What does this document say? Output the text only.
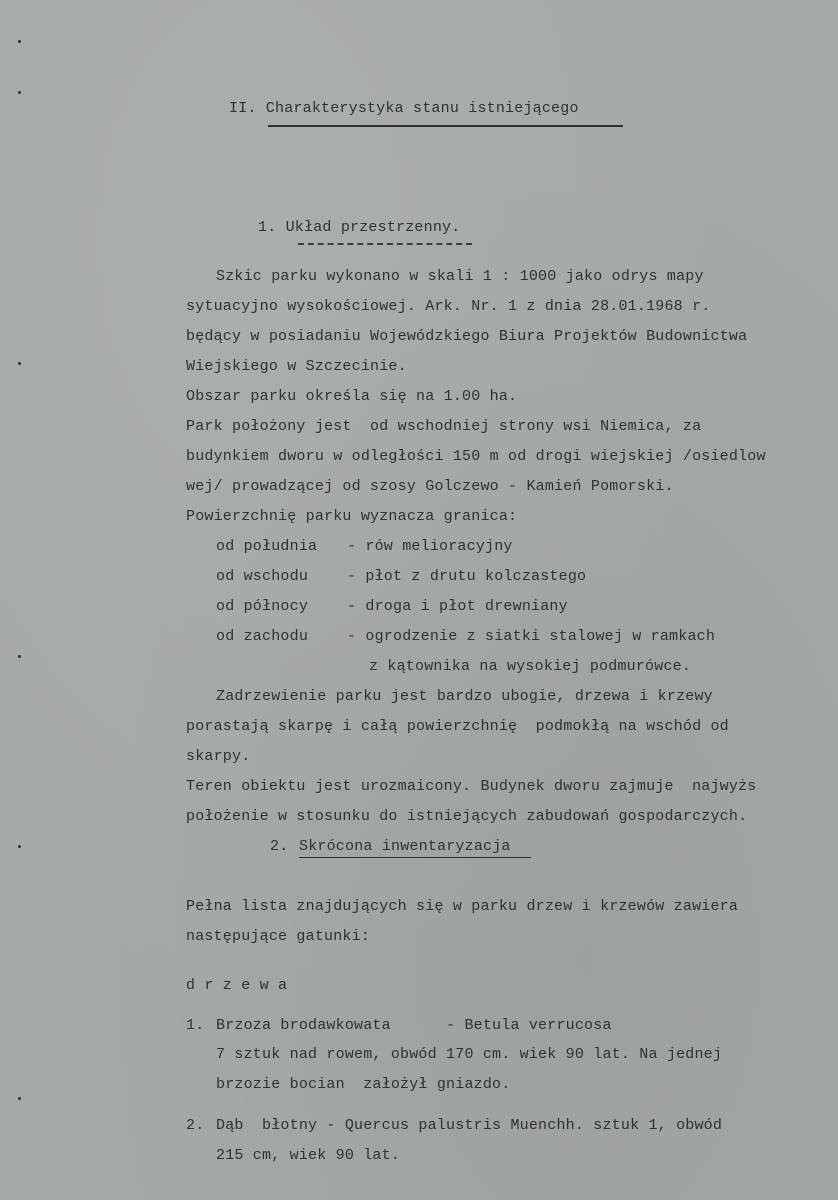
II. Charakterystyka stanu istniejącego

1. Układ przestrzenny.

Szkic parku wykonano w skali 1 : 1000 jako odrys mapy

sytuacyjno wysokościowej. Ark. Nr. 1 z dnia 28.01.1968 r.

będący w posiadaniu Wojewódzkiego Biura Projektów Budownictwa

Wiejskiego w Szczecinie.

Obszar parku określa się na 1.00 ha.

Park położony jest  od wschodniej strony wsi Niemica, za

budynkiem dworu w odległości 150 m od drogi wiejskiej /osiedlow

wej/ prowadzącej od szosy Golczewo - Kamień Pomorski.

Powierzchnię parku wyznacza granica:

od południa - rów melioracyjny

od wschodu	- płot z drutu kolczastego

od północy	- droga i płot drewniany

od zachodu	- ogrodzenie z siatki stalowej w ramkach

z kątownika na wysokiej podmurówce.

Zadrzewienie parku jest bardzo ubogie, drzewa i krzewy

porastają skarpę i całą powierzchnię  podmokłą na wschód od

skarpy.

Teren obiektu jest urozmaicony. Budynek dworu zajmuje  najwyżs

położenie w stosunku do istniejących zabudowań gospodarczych.

2. Skrócona inwentaryzacja

Pełna lista znajdujących się w parku drzew i krzewów zawiera

następujące gatunki:

d r z e w a

1. Brzoza brodawkowata      - Betula verrucosa

7 sztuk nad rowem, obwód 170 cm. wiek 90 lat. Na jednej

brzozie bocian  założył gniazdo.

2. Dąb  błotny - Quercus palustris Muenchh. sztuk 1, obwód

215 cm, wiek 90 lat.
